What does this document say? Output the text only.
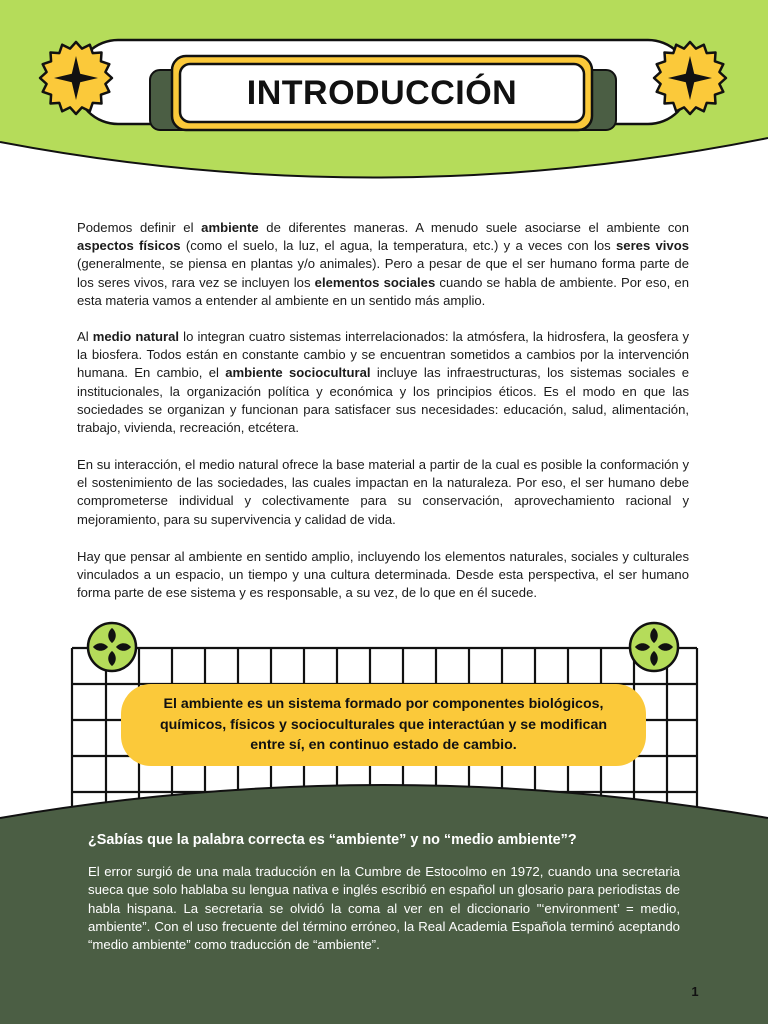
INTRODUCCIÓN

Podemos definir el ambiente de diferentes maneras. A menudo suele asociarse el ambiente con aspectos físicos (como el suelo, la luz, el agua, la temperatura, etc.) y a veces con los seres vivos (generalmente, se piensa en plantas y/o animales). Pero a pesar de que el ser humano forma parte de los seres vivos, rara vez se incluyen los elementos sociales cuando se habla de ambiente. Por eso, en esta materia vamos a entender al ambiente en un sentido más amplio.

Al medio natural lo integran cuatro sistemas interrelacionados: la atmósfera, la hidrosfera, la geosfera y la biosfera. Todos están en constante cambio y se encuentran sometidos a cambios por la intervención humana. En cambio, el ambiente sociocultural incluye las infraestructuras, los sistemas sociales e institucionales, la organización política y económica y los principios éticos. Es el modo en que las sociedades se organizan y funcionan para satisfacer sus necesidades: educación, salud, alimentación, trabajo, vivienda, recreación, etcétera.

En su interacción, el medio natural ofrece la base material a partir de la cual es posible la conformación y el sostenimiento de las sociedades, las cuales impactan en la naturaleza. Por eso, el ser humano debe comprometerse individual y colectivamente para su conservación, aprovechamiento racional y mejoramiento, para su supervivencia y calidad de vida.

Hay que pensar al ambiente en sentido amplio, incluyendo los elementos naturales, sociales y culturales vinculados a un espacio, un tiempo y una cultura determinada. Desde esta perspectiva, el ser humano forma parte de ese sistema y es responsable, a su vez, de lo que en él sucede.

El ambiente es un sistema formado por componentes biológicos, químicos, físicos y socioculturales que interactúan y se modifican entre sí, en continuo estado de cambio.

¿Sabías que la palabra correcta es “ambiente” y no “medio ambiente”?

El error surgió de una mala traducción en la Cumbre de Estocolmo en 1972, cuando una secretaria sueca que solo hablaba su lengua nativa e inglés escribió en español un glosario para periodistas de habla hispana. La secretaria se olvidó la coma al ver en el diccionario "‘environment’ = medio, ambiente”. Con el uso frecuente del término erróneo, la Real Academia Española terminó aceptando “medio ambiente” como traducción de “ambiente”.

1
